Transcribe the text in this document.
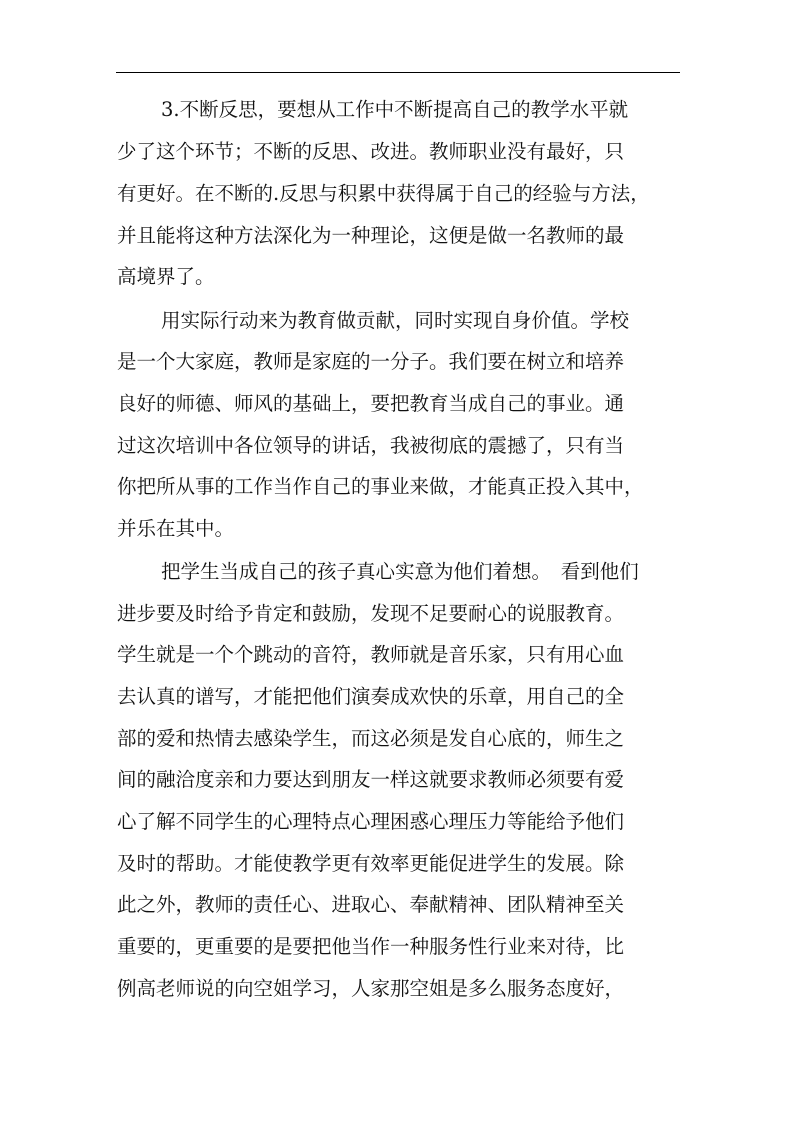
3.不断反思，要想从工作中不断提高自己的教学水平就
少了这个环节；不断的反思、改进。教师职业没有最好，只
有更好。在不断的.反思与积累中获得属于自己的经验与方法，
并且能将这种方法深化为一种理论，这便是做一名教师的最
高境界了。
用实际行动来为教育做贡献，同时实现自身价值。学校
是一个大家庭，教师是家庭的一分子。我们要在树立和培养
良好的师德、师风的基础上，要把教育当成自己的事业。通
过这次培训中各位领导的讲话，我被彻底的震撼了，只有当
你把所从事的工作当作自己的事业来做，才能真正投入其中，
并乐在其中。
把学生当成自己的孩子真心实意为他们着想。　看到他们
进步要及时给予肯定和鼓励，发现不足要耐心的说服教育。
学生就是一个个跳动的音符，教师就是音乐家，只有用心血
去认真的谱写，才能把他们演奏成欢快的乐章，用自己的全
部的爱和热情去感染学生，而这必须是发自心底的，师生之
间的融洽度亲和力要达到朋友一样这就要求教师必须要有爱
心了解不同学生的心理特点心理困惑心理压力等能给予他们
及时的帮助。才能使教学更有效率更能促进学生的发展。除
此之外，教师的责任心、进取心、奉献精神、团队精神至关
重要的，更重要的是要把他当作一种服务性行业来对待，比
例高老师说的向空姐学习，人家那空姐是多么服务态度好，
